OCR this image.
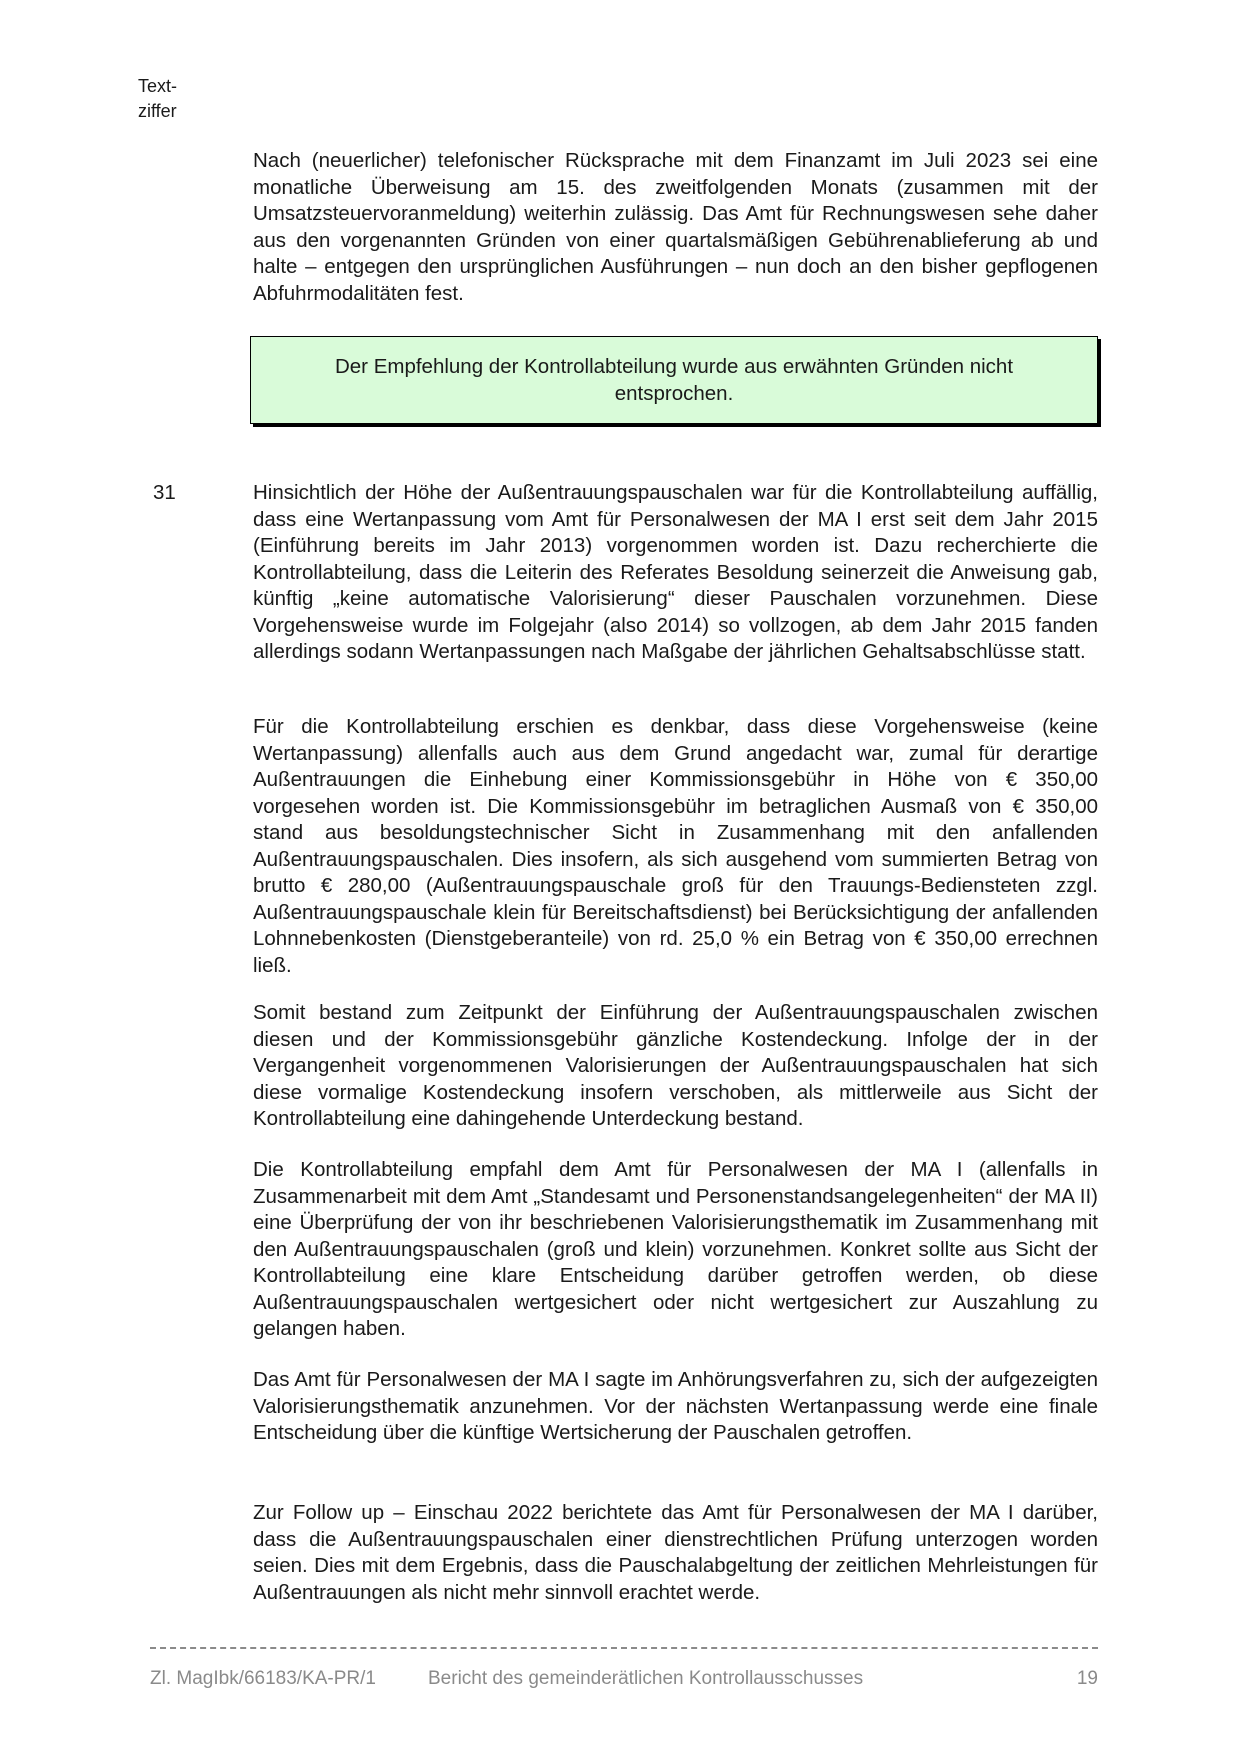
Text-
ziffer

Nach (neuerlicher) telefonischer Rücksprache mit dem Finanzamt im Juli 2023 sei eine monatliche Überweisung am 15. des zweitfolgenden Monats (zusammen mit der Umsatzsteuervoranmeldung) weiterhin zulässig. Das Amt für Rechnungswesen sehe daher aus den vorgenannten Gründen von einer quartalsmäßigen Gebührenablieferung ab und halte – entgegen den ursprünglichen Ausführungen – nun doch an den bisher gepflogenen Abfuhrmodalitäten fest.

Der Empfehlung der Kontrollabteilung wurde aus erwähnten Gründen nicht entsprochen.
31	Hinsichtlich der Höhe der Außentrauungspauschalen war für die Kontrollabteilung auffällig, dass eine Wertanpassung vom Amt für Personalwesen der MA I erst seit dem Jahr 2015 (Einführung bereits im Jahr 2013) vorgenommen worden ist. Dazu recherchierte die Kontrollabteilung, dass die Leiterin des Referates Besoldung seinerzeit die Anweisung gab, künftig „keine automatische Valorisierung“ dieser Pauschalen vorzunehmen. Diese Vorgehensweise wurde im Folgejahr (also 2014) so vollzogen, ab dem Jahr 2015 fanden allerdings sodann Wertanpassungen nach Maßgabe der jährlichen Gehaltsabschlüsse statt.

Für die Kontrollabteilung erschien es denkbar, dass diese Vorgehensweise (keine Wertanpassung) allenfalls auch aus dem Grund angedacht war, zumal für derartige Außentrauungen die Einhebung einer Kommissionsgebühr in Höhe von € 350,00 vorgesehen worden ist. Die Kommissionsgebühr im betraglichen Ausmaß von € 350,00 stand aus besoldungstechnischer Sicht in Zusammenhang mit den anfallenden Außentrauungspauschalen. Dies insofern, als sich ausgehend vom summierten Betrag von brutto € 280,00 (Außentrauungspauschale groß für den Trauungs-Bediensteten zzgl. Außentrauungspauschale klein für Bereitschaftsdienst) bei Berücksichtigung der anfallenden Lohnnebenkosten (Dienstgeberanteile) von rd. 25,0 % ein Betrag von € 350,00 errechnen ließ.

Somit bestand zum Zeitpunkt der Einführung der Außentrauungspauschalen zwischen diesen und der Kommissionsgebühr gänzliche Kostendeckung. Infolge der in der Vergangenheit vorgenommenen Valorisierungen der Außentrauungspauschalen hat sich diese vormalige Kostendeckung insofern verschoben, als mittlerweile aus Sicht der Kontrollabteilung eine dahingehende Unterdeckung bestand.

Die Kontrollabteilung empfahl dem Amt für Personalwesen der MA I (allenfalls in Zusammenarbeit mit dem Amt „Standesamt und Personenstandsangelegenheiten“ der MA II) eine Überprüfung der von ihr beschriebenen Valorisierungsthematik im Zusammenhang mit den Außentrauungspauschalen (groß und klein) vorzunehmen. Konkret sollte aus Sicht der Kontrollabteilung eine klare Entscheidung darüber getroffen werden, ob diese Außentrauungspauschalen wertgesichert oder nicht wertgesichert zur Auszahlung zu gelangen haben.

Das Amt für Personalwesen der MA I sagte im Anhörungsverfahren zu, sich der aufgezeigten Valorisierungsthematik anzunehmen. Vor der nächsten Wertanpassung werde eine finale Entscheidung über die künftige Wertsicherung der Pauschalen getroffen.

Zur Follow up – Einschau 2022 berichtete das Amt für Personalwesen der MA I darüber, dass die Außentrauungspauschalen einer dienstrechtlichen Prüfung unterzogen worden seien. Dies mit dem Ergebnis, dass die Pauschalabgeltung der zeitlichen Mehrleistungen für Außentrauungen als nicht mehr sinnvoll erachtet werde.

Zl. MagIbk/66183/KA-PR/1	Bericht des gemeinderätlichen Kontrollausschusses	19
